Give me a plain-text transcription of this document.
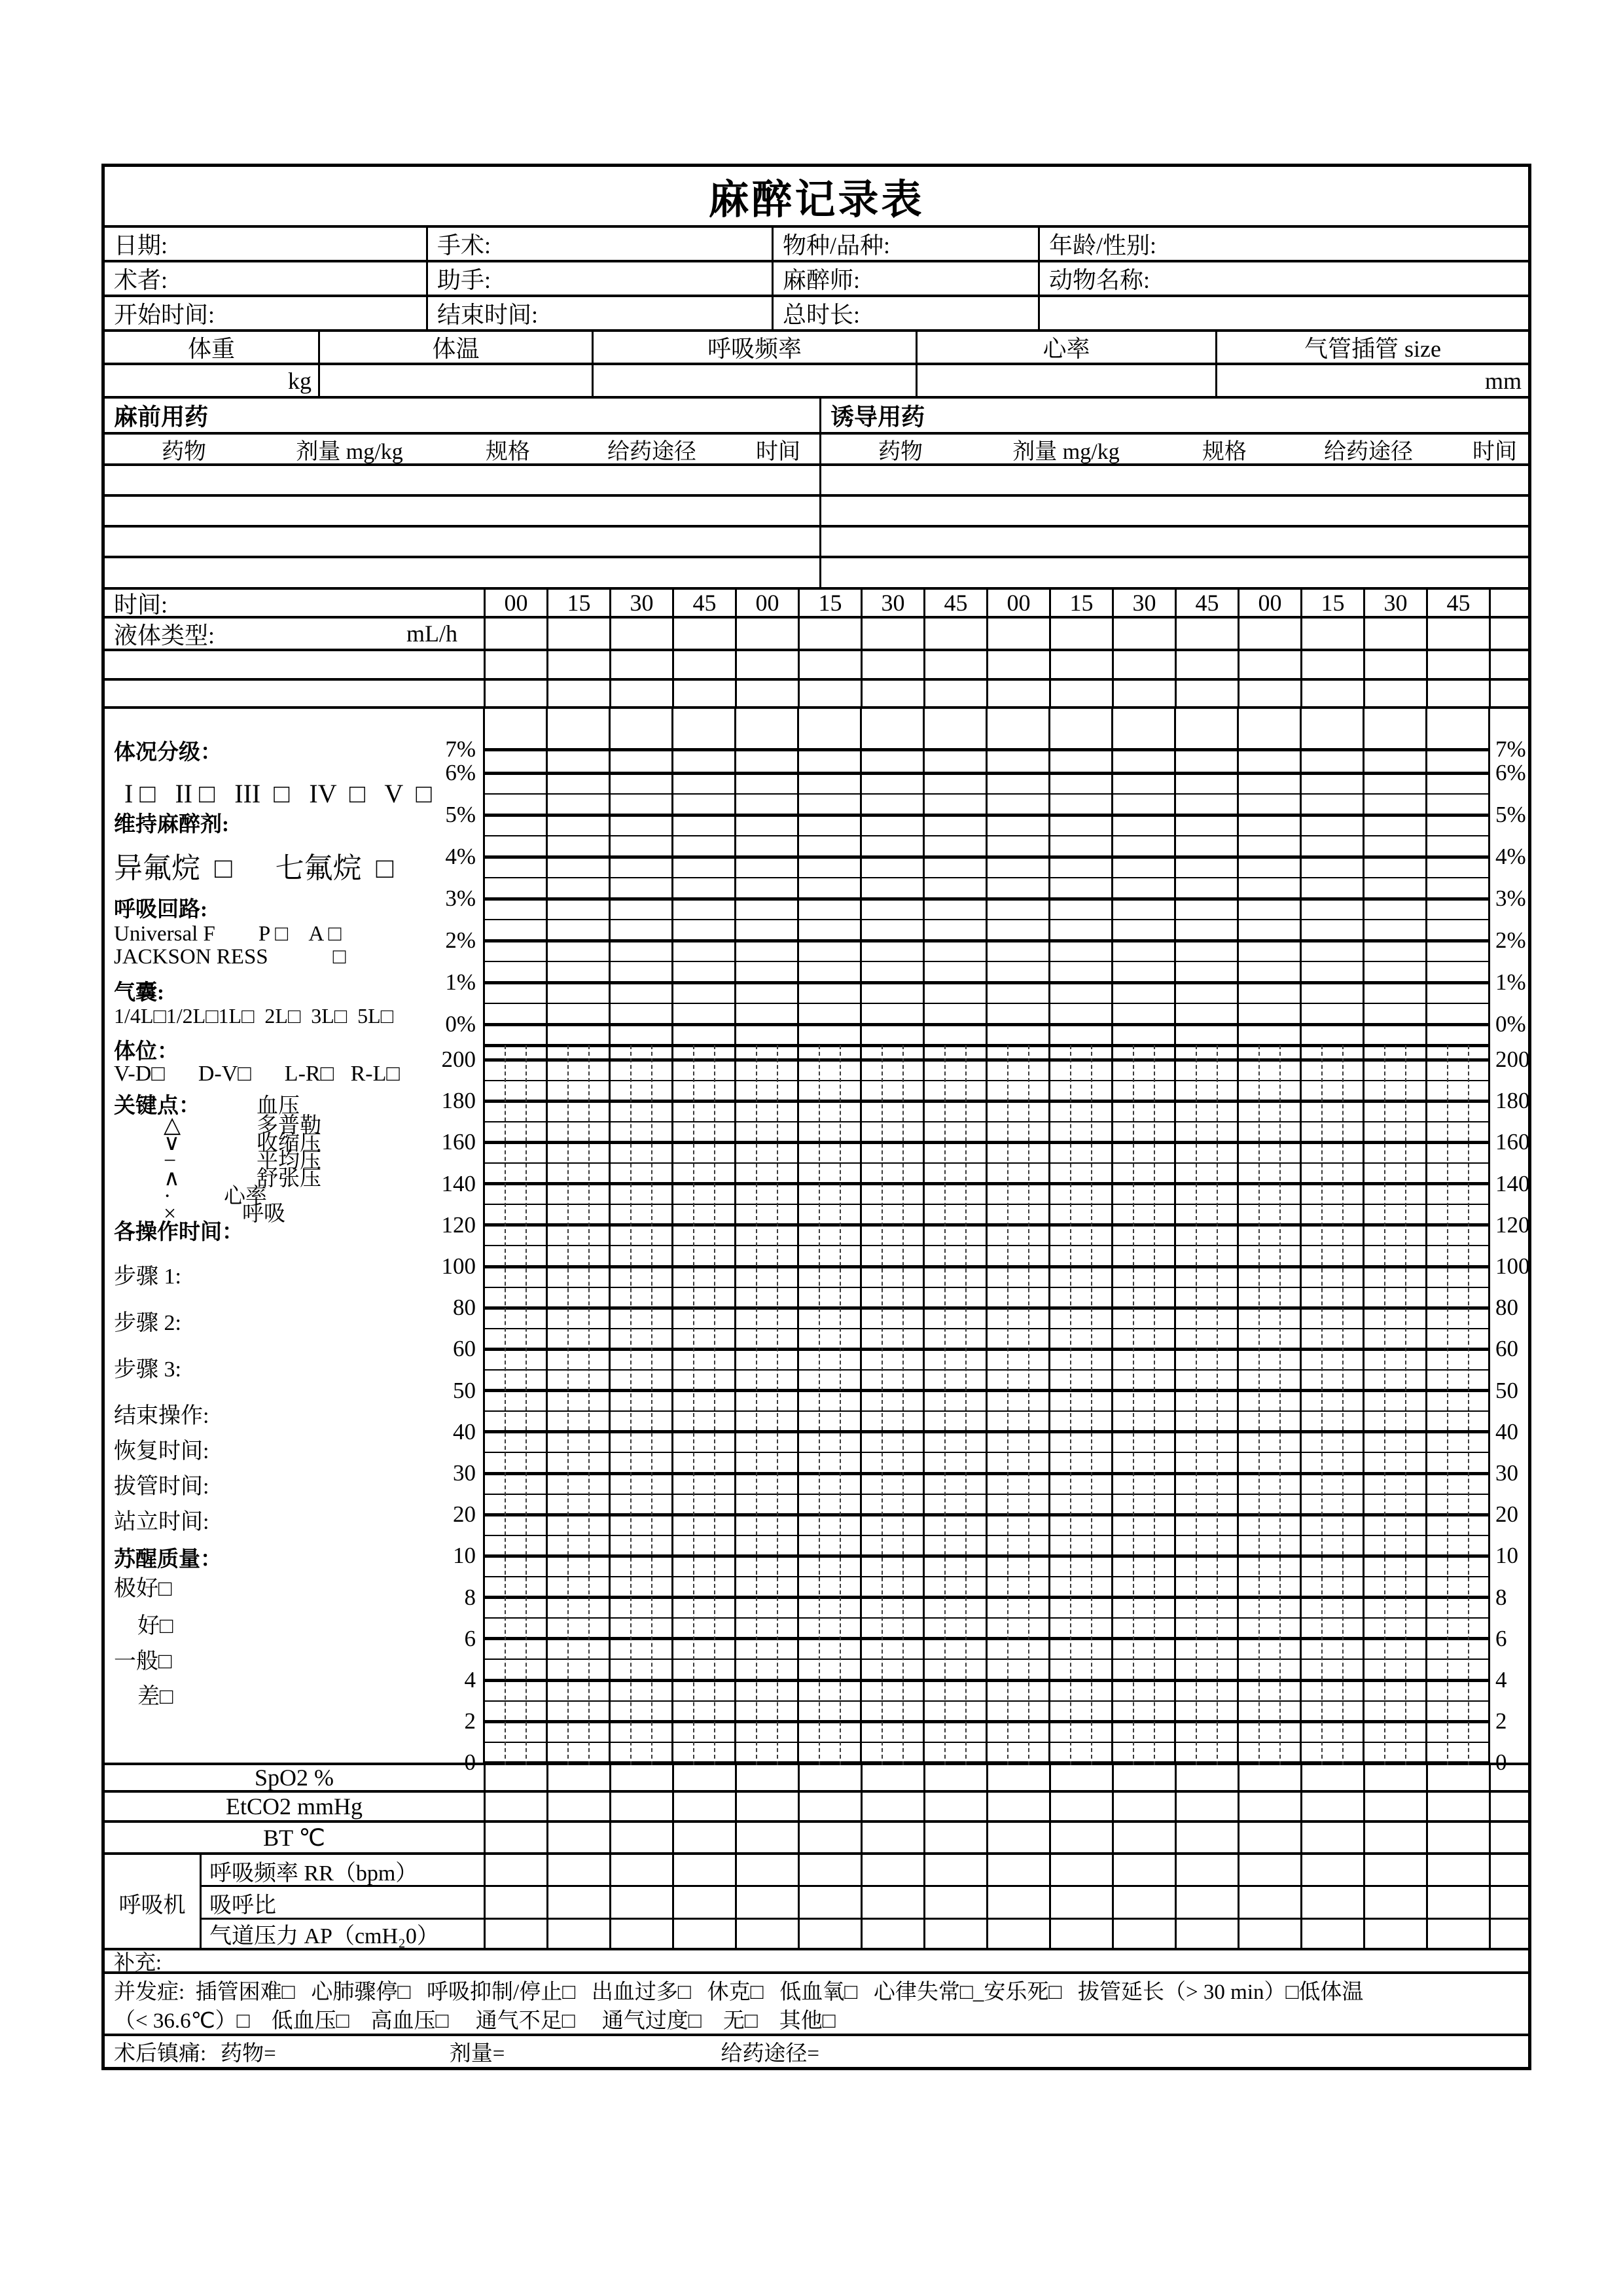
麻醉记录表
日期:	手术:	物种/品种:	年龄/性别:
术者:	助手:	麻醉师:	动物名称:
开始时间:	结束时间:	总时长:
体重	体温	呼吸频率	心率	气管插管 size
kg	mm
麻前用药	诱导用药
药物	剂量 mg/kg	规格	给药途径	时间	药物	剂量 mg/kg	规格	给药途径	时间
时间:	00	15	30	45	00	15	30	45	00	15	30	45	00	15	30	45
液体类型:	mL/h
7%	7%
6%	6%
5%	5%
4%	4%
3%	3%
2%	2%
1%	1%
0%	0%
200	200
180	180
160	160
140	140
120	120
100	100
80	80
60	60
50	50
40	40
30	30
20	20
10	10
8	8
6	6
4	4
2	2
0	0
体况分级：
I □   II □   III  □   IV  □   V  □
维持麻醉剂:
异氟烷  □      七氟烷  □
呼吸回路:
Universal F        P □    A □
JACKSON RESS            □
气囊:
1/4L□1/2L□1L□  2L□  3L□  5L□
体位：
V-D□      D-V□      L-R□   R-L□
关键点：	血压
△	多普勒
∨	收缩压
−	平均压
∧	舒张压
· 心率
×	呼吸
各操作时间：
步骤 1:
步骤 2:
步骤 3:
结束操作:
恢复时间:
拔管时间:
站立时间:
苏醒质量：
极好□
好□
一般□
差□
SpO2 %
EtCO2 mmHg
BT ℃
呼吸频率 RR（bpm）
吸呼比
气道压力 AP（cmH₂0）
呼吸机
补充:
并发症:  插管困难□   心肺骤停□   呼吸抑制/停止□   出血过多□   休克□   低血氧□   心律失常□_安乐死□   拔管延长（> 30 min）□低体温
（< 36.6℃）□    低血压□    高血压□     通气不足□     通气过度□    无□    其他□
术后镇痛: 药物=	剂量=	给药途径=
